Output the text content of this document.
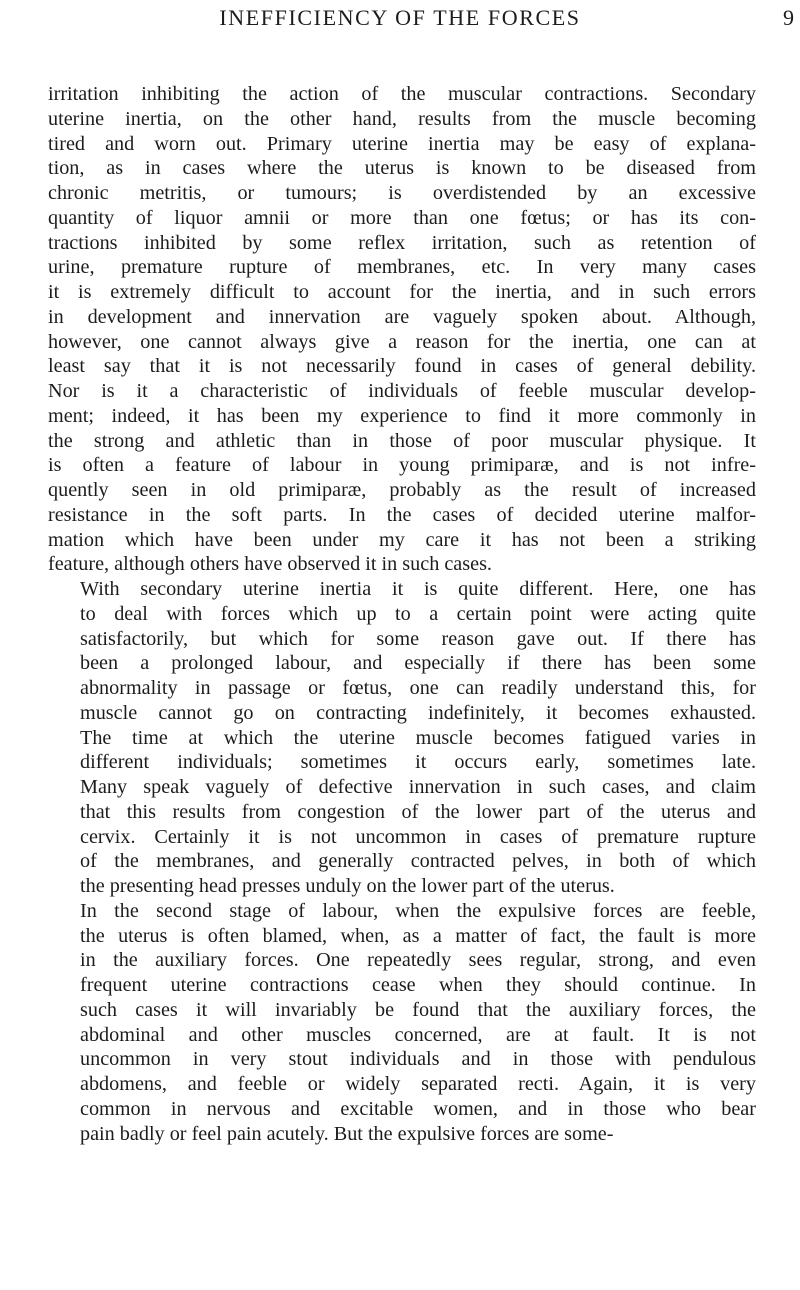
INEFFICIENCY OF THE FORCES	9
irritation inhibiting the action of the muscular contractions. Secondary
uterine inertia, on the other hand, results from the muscle becoming
tired and worn out. Primary uterine inertia may be easy of explana-
tion, as in cases where the uterus is known to be diseased from
chronic metritis, or tumours; is overdistended by an excessive
quantity of liquor amnii or more than one fœtus; or has its con-
tractions inhibited by some reflex irritation, such as retention of
urine, premature rupture of membranes, etc. In very many cases
it is extremely difficult to account for the inertia, and in such errors
in development and innervation are vaguely spoken about. Although,
however, one cannot always give a reason for the inertia, one can at
least say that it is not necessarily found in cases of general debility.
Nor is it a characteristic of individuals of feeble muscular develop-
ment; indeed, it has been my experience to find it more commonly in
the strong and athletic than in those of poor muscular physique. It
is often a feature of labour in young primiparæ, and is not infre-
quently seen in old primiparæ, probably as the result of increased
resistance in the soft parts. In the cases of decided uterine malfor-
mation which have been under my care it has not been a striking
feature, although others have observed it in such cases.
With secondary uterine inertia it is quite different. Here, one has
to deal with forces which up to a certain point were acting quite
satisfactorily, but which for some reason gave out. If there has
been a prolonged labour, and especially if there has been some
abnormality in passage or fœtus, one can readily understand this, for
muscle cannot go on contracting indefinitely, it becomes exhausted.
The time at which the uterine muscle becomes fatigued varies in
different individuals; sometimes it occurs early, sometimes late.
Many speak vaguely of defective innervation in such cases, and claim
that this results from congestion of the lower part of the uterus and
cervix. Certainly it is not uncommon in cases of premature rupture
of the membranes, and generally contracted pelves, in both of which
the presenting head presses unduly on the lower part of the uterus.
In the second stage of labour, when the expulsive forces are feeble,
the uterus is often blamed, when, as a matter of fact, the fault is more
in the auxiliary forces. One repeatedly sees regular, strong, and even
frequent uterine contractions cease when they should continue. In
such cases it will invariably be found that the auxiliary forces, the
abdominal and other muscles concerned, are at fault. It is not
uncommon in very stout individuals and in those with pendulous
abdomens, and feeble or widely separated recti. Again, it is very
common in nervous and excitable women, and in those who bear
pain badly or feel pain acutely. But the expulsive forces are some-
